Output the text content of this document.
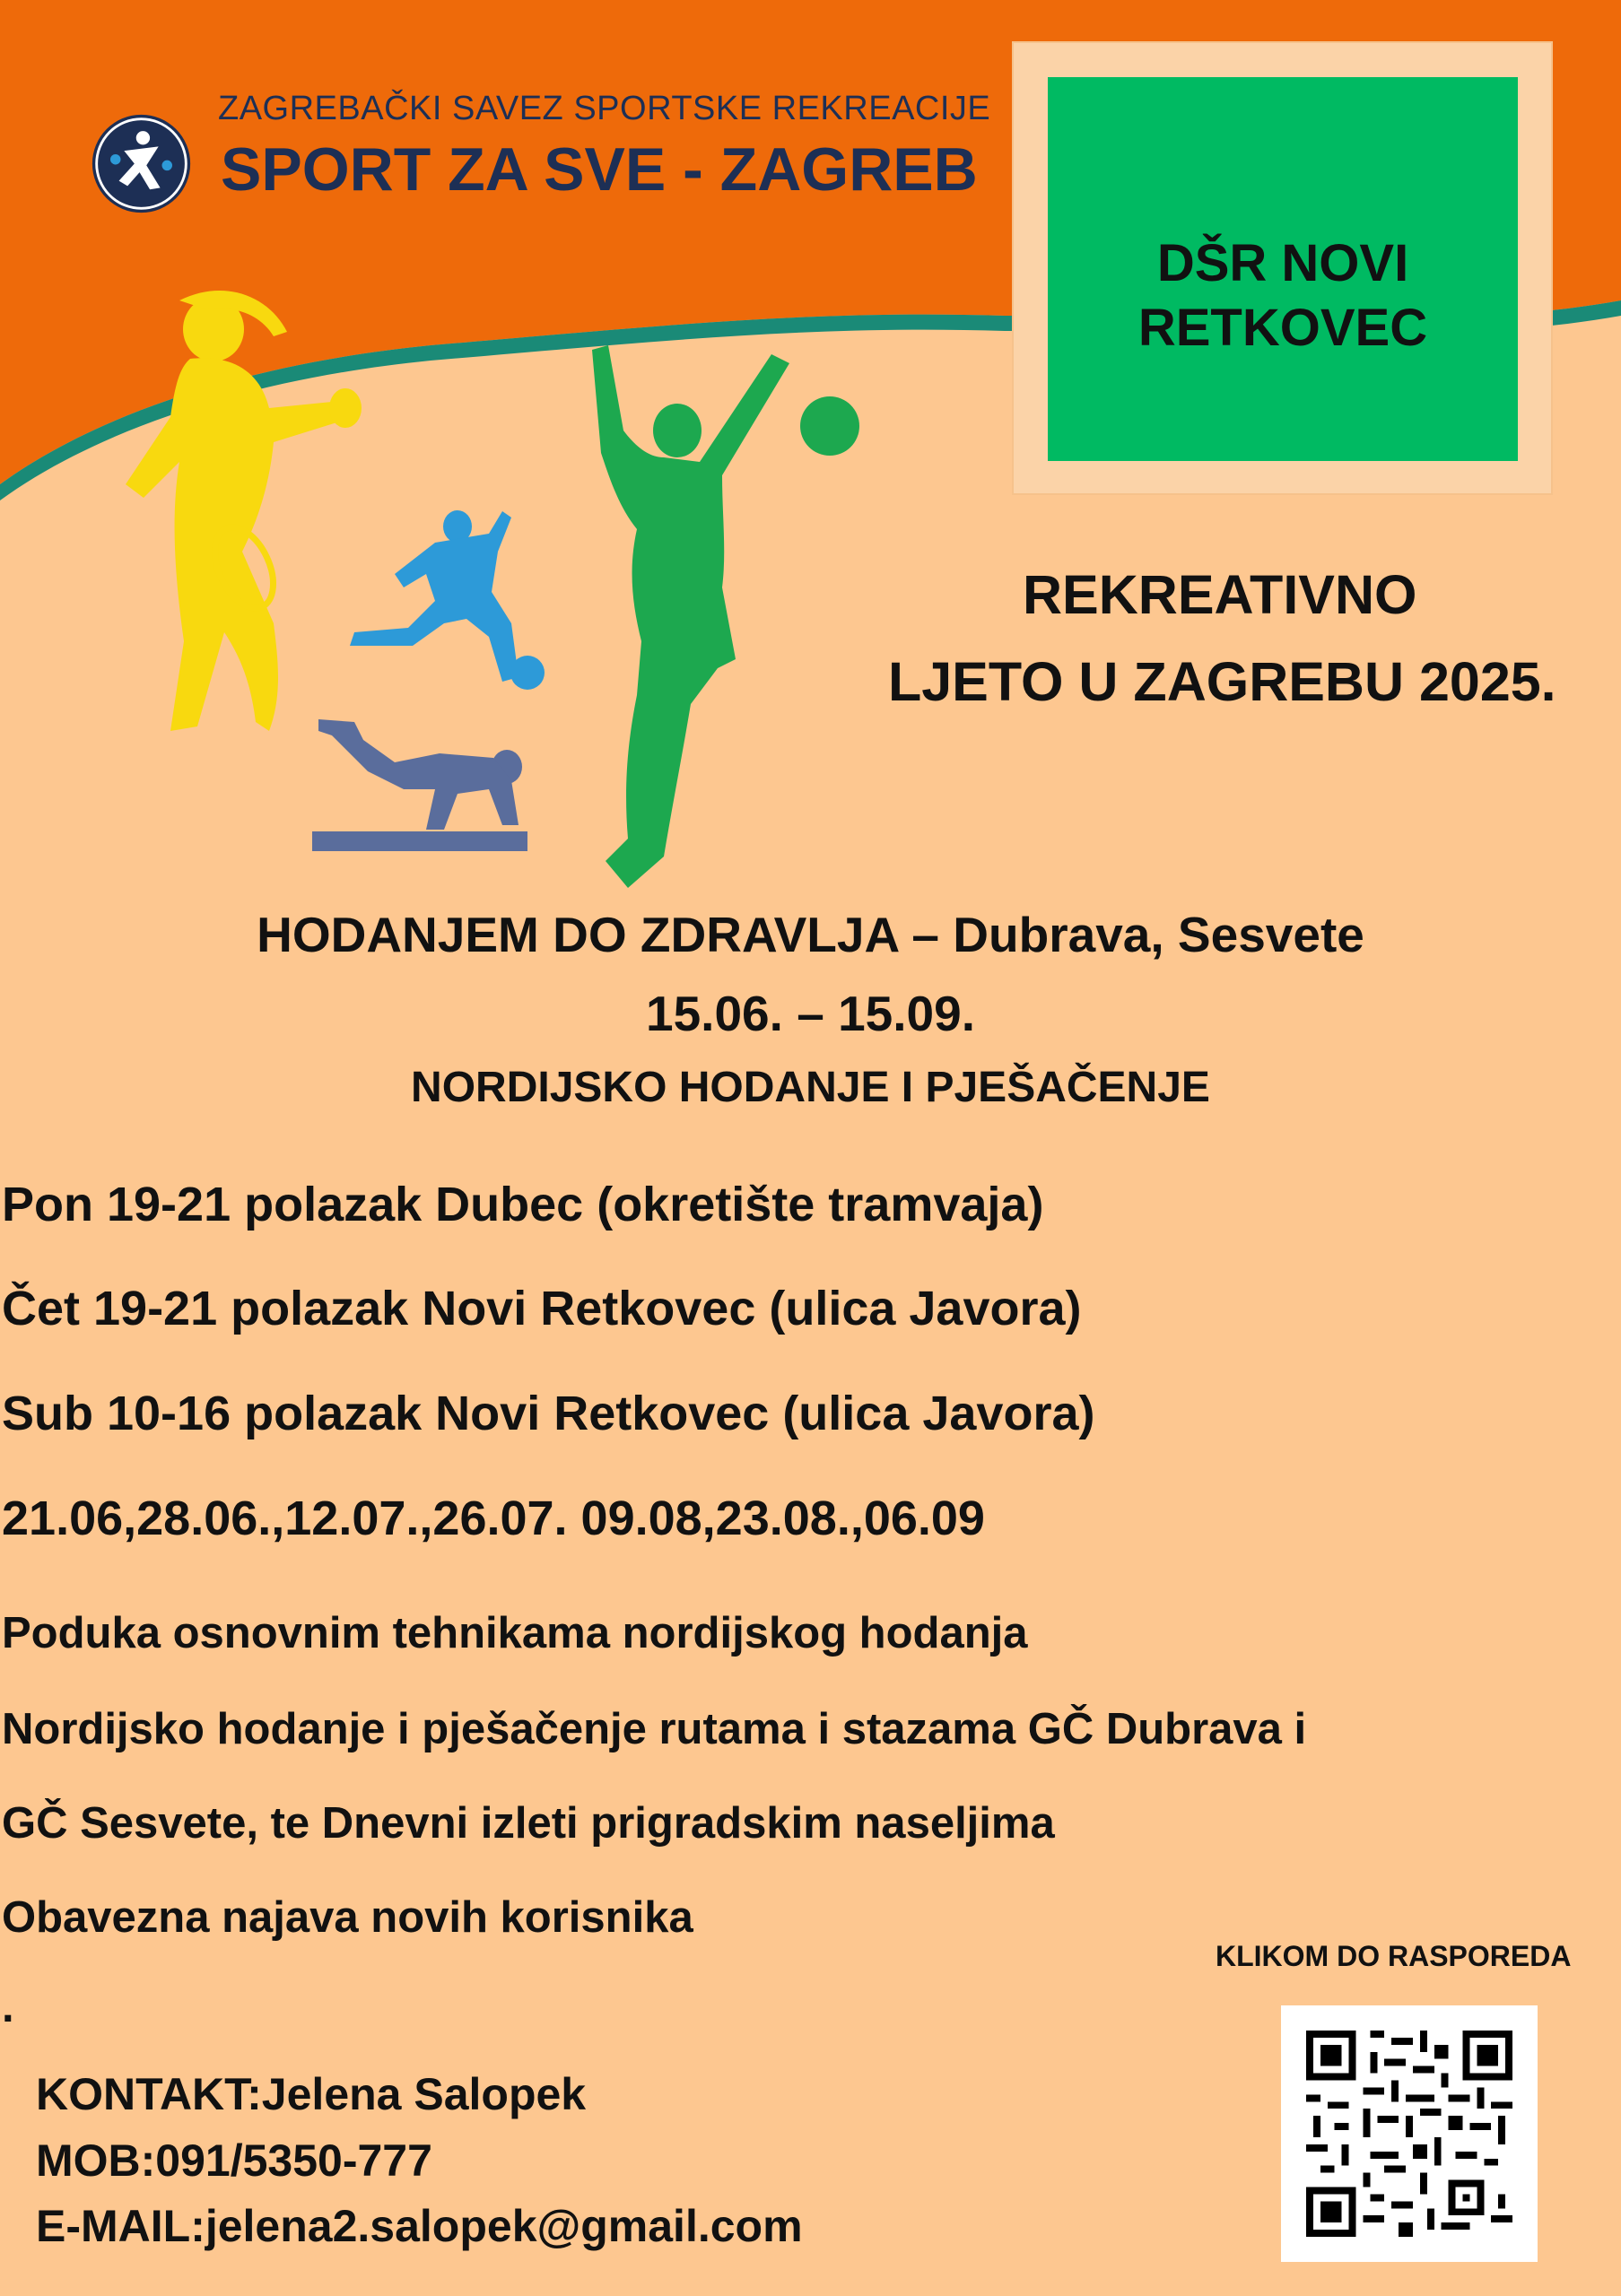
ZAGREBAČKI SAVEZ SPORTSKE REKREACIJE
SPORT ZA SVE - ZAGREB
DŠR NOVI
RETKOVEC
REKREATIVNO
LJETO U ZAGREBU 2025.
HODANJEM DO ZDRAVLJA – Dubrava, Sesvete
15.06. – 15.09.
NORDIJSKO HODANJE I PJEŠAČENJE
Pon 19-21 polazak Dubec (okretište tramvaja)
Čet 19-21 polazak Novi Retkovec (ulica Javora)
Sub 10-16 polazak Novi Retkovec (ulica Javora)
21.06,28.06.,12.07.,26.07. 09.08,23.08.,06.09
Poduka osnovnim tehnikama nordijskog hodanja
Nordijsko hodanje i pješačenje rutama i stazama GČ Dubrava i
GČ Sesvete, te Dnevni izleti prigradskim naseljima
Obavezna najava novih korisnika
.
KLIKOM DO RASPOREDA
KONTAKT:Jelena Salopek
MOB:091/5350-777
E-MAIL:jelena2.salopek@gmail.com
